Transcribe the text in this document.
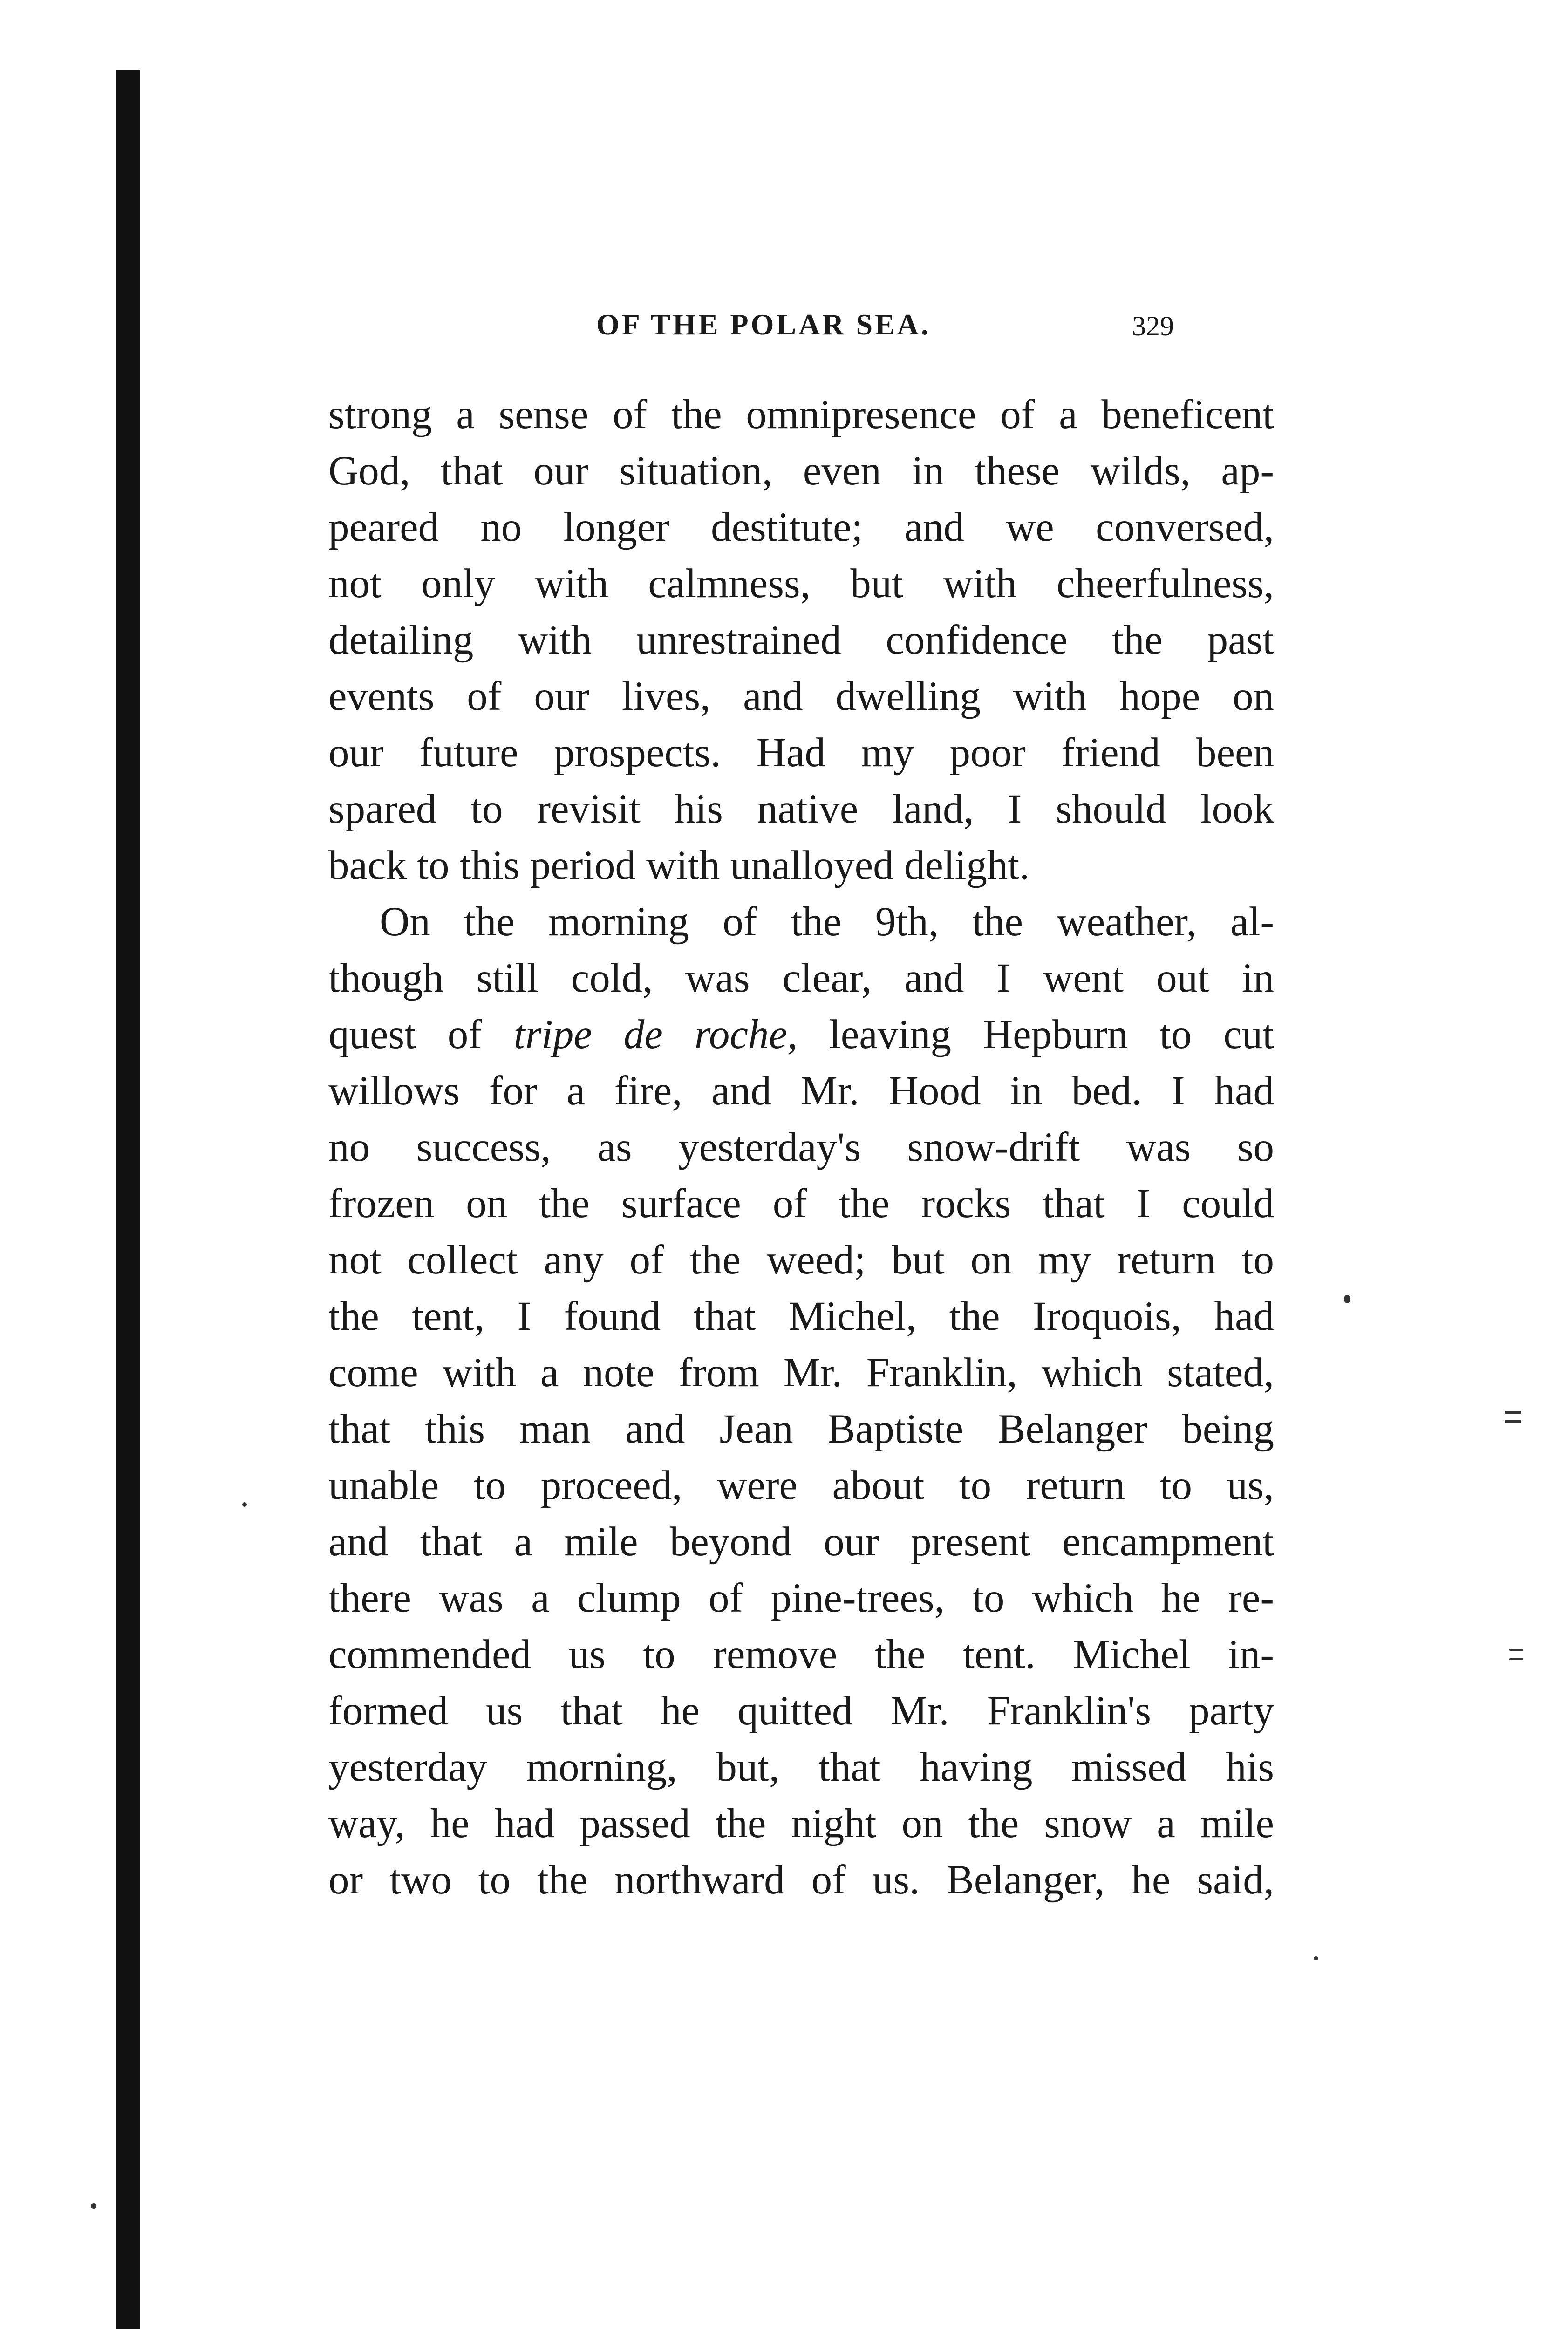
OF THE POLAR SEA.	329
strong a sense of the omnipresence of a beneficent
God, that our situation, even in these wilds, ap-
peared no longer destitute; and we conversed,
not only with calmness, but with cheerfulness,
detailing with unrestrained confidence the past
events of our lives, and dwelling with hope on
our future prospects. Had my poor friend been
spared to revisit his native land, I should look
back to this period with unalloyed delight.
On the morning of the 9th, the weather, al-
though still cold, was clear, and I went out in
quest of tripe de roche, leaving Hepburn to cut
willows for a fire, and Mr. Hood in bed. I had
no success, as yesterday's snow-drift was so
frozen on the surface of the rocks that I could
not collect any of the weed; but on my return to
the tent, I found that Michel, the Iroquois, had
come with a note from Mr. Franklin, which stated,
that this man and Jean Baptiste Belanger being
unable to proceed, were about to return to us,
and that a mile beyond our present encampment
there was a clump of pine-trees, to which he re-
commended us to remove the tent. Michel in-
formed us that he quitted Mr. Franklin's party
yesterday morning, but, that having missed his
way, he had passed the night on the snow a mile
or two to the northward of us. Belanger, he said,
